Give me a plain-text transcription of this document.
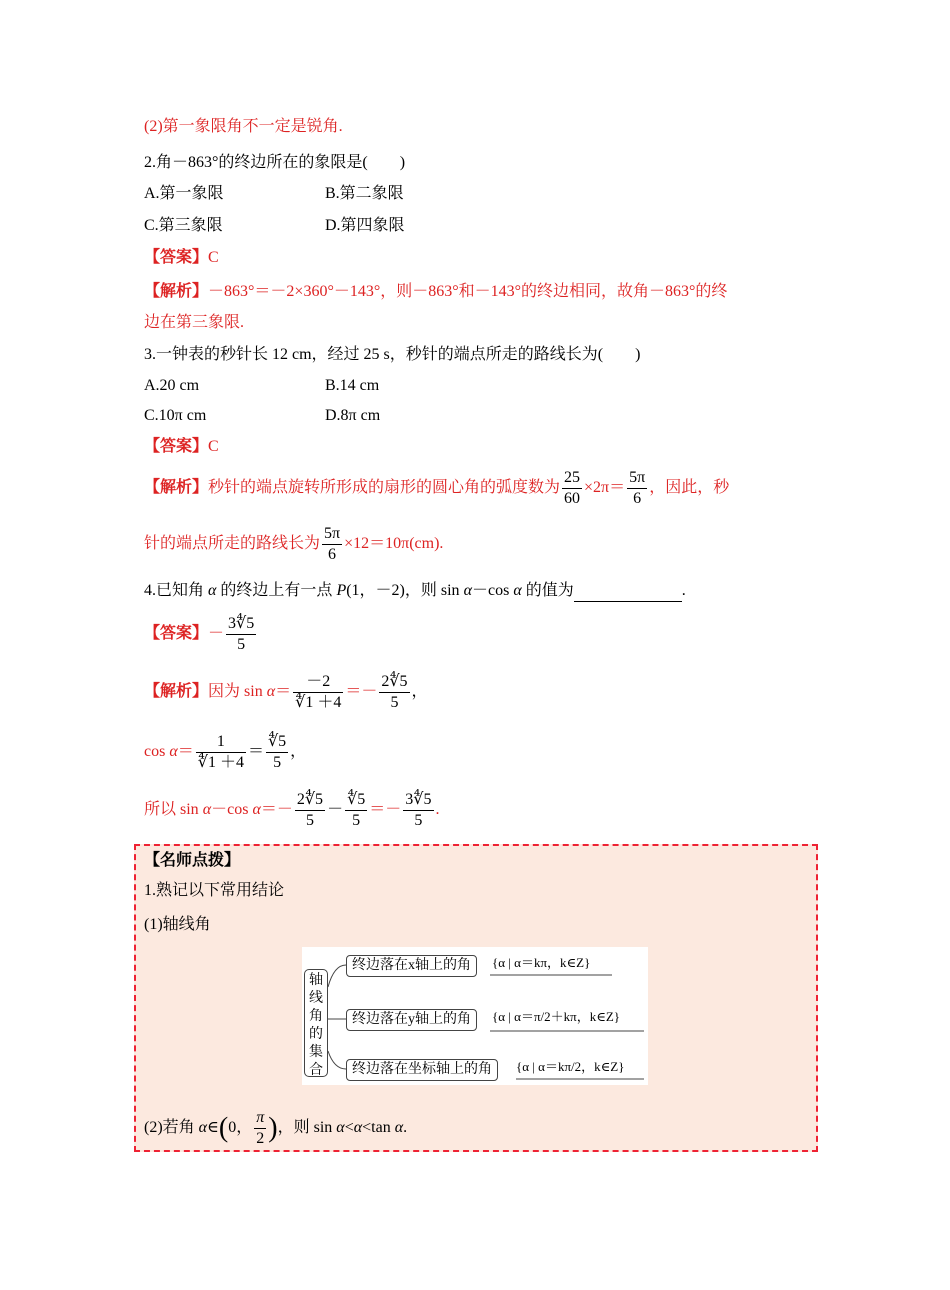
(2)第一象限角不一定是锐角.
2.角－863°的终边所在的象限是(　　)
A.第一象限	B.第二象限
C.第三象限	D.第四象限
【答案】C
【解析】－863°＝－2×360°－143°，则－863°和－143°的终边相同，故角－863°的终
边在第三象限.
3.一钟表的秒针长 12 cm，经过 25 s，秒针的端点所走的路线长为(　　)
A.20 cm	B.14 cm
C.10π cm	D.8π cm
【答案】C
【解析】秒针的端点旋转所形成的扇形的圆心角的弧度数为 $\frac{25}{60} \times 2\pi= \frac{5\pi}{6}$ ，因此，秒
针的端点所走的路线长为 $\frac{5\pi}{6} \times 12=10\pi(cm)$.
4.已知角 α 的终边上有一点 P(1，－2)，则 sin α－cos α 的值为	.
【答案】－ $\frac{3∜5}{5}$
【解析】因为 $\sin \alpha= \frac{-2}{∜1 +4} =- \frac{2∜5}{5}$ ，
$\cos \alpha= \frac{1}{∜1 +4} = \frac{∜5}{5}$ ，
所以 sin α－cos $\alpha=- \frac{2∜5}{5} - \frac{∜5}{5} =- \frac{3∜5}{5}$ .
【名师点拨】
1.熟记以下常用结论
(1)轴线角
轴
线
角
的
集
合
终边落在x轴上的角	{α | α＝kπ，k∈Z}
终边落在y轴上的角	{α | α＝π/2＋kπ，k∈Z}
终边落在坐标轴上的角	{α | α＝kπ/2，k∈Z}
(2)若角 α∈(0， $\frac{\pi}{2}$ )，则 sin α<α<tan α.
